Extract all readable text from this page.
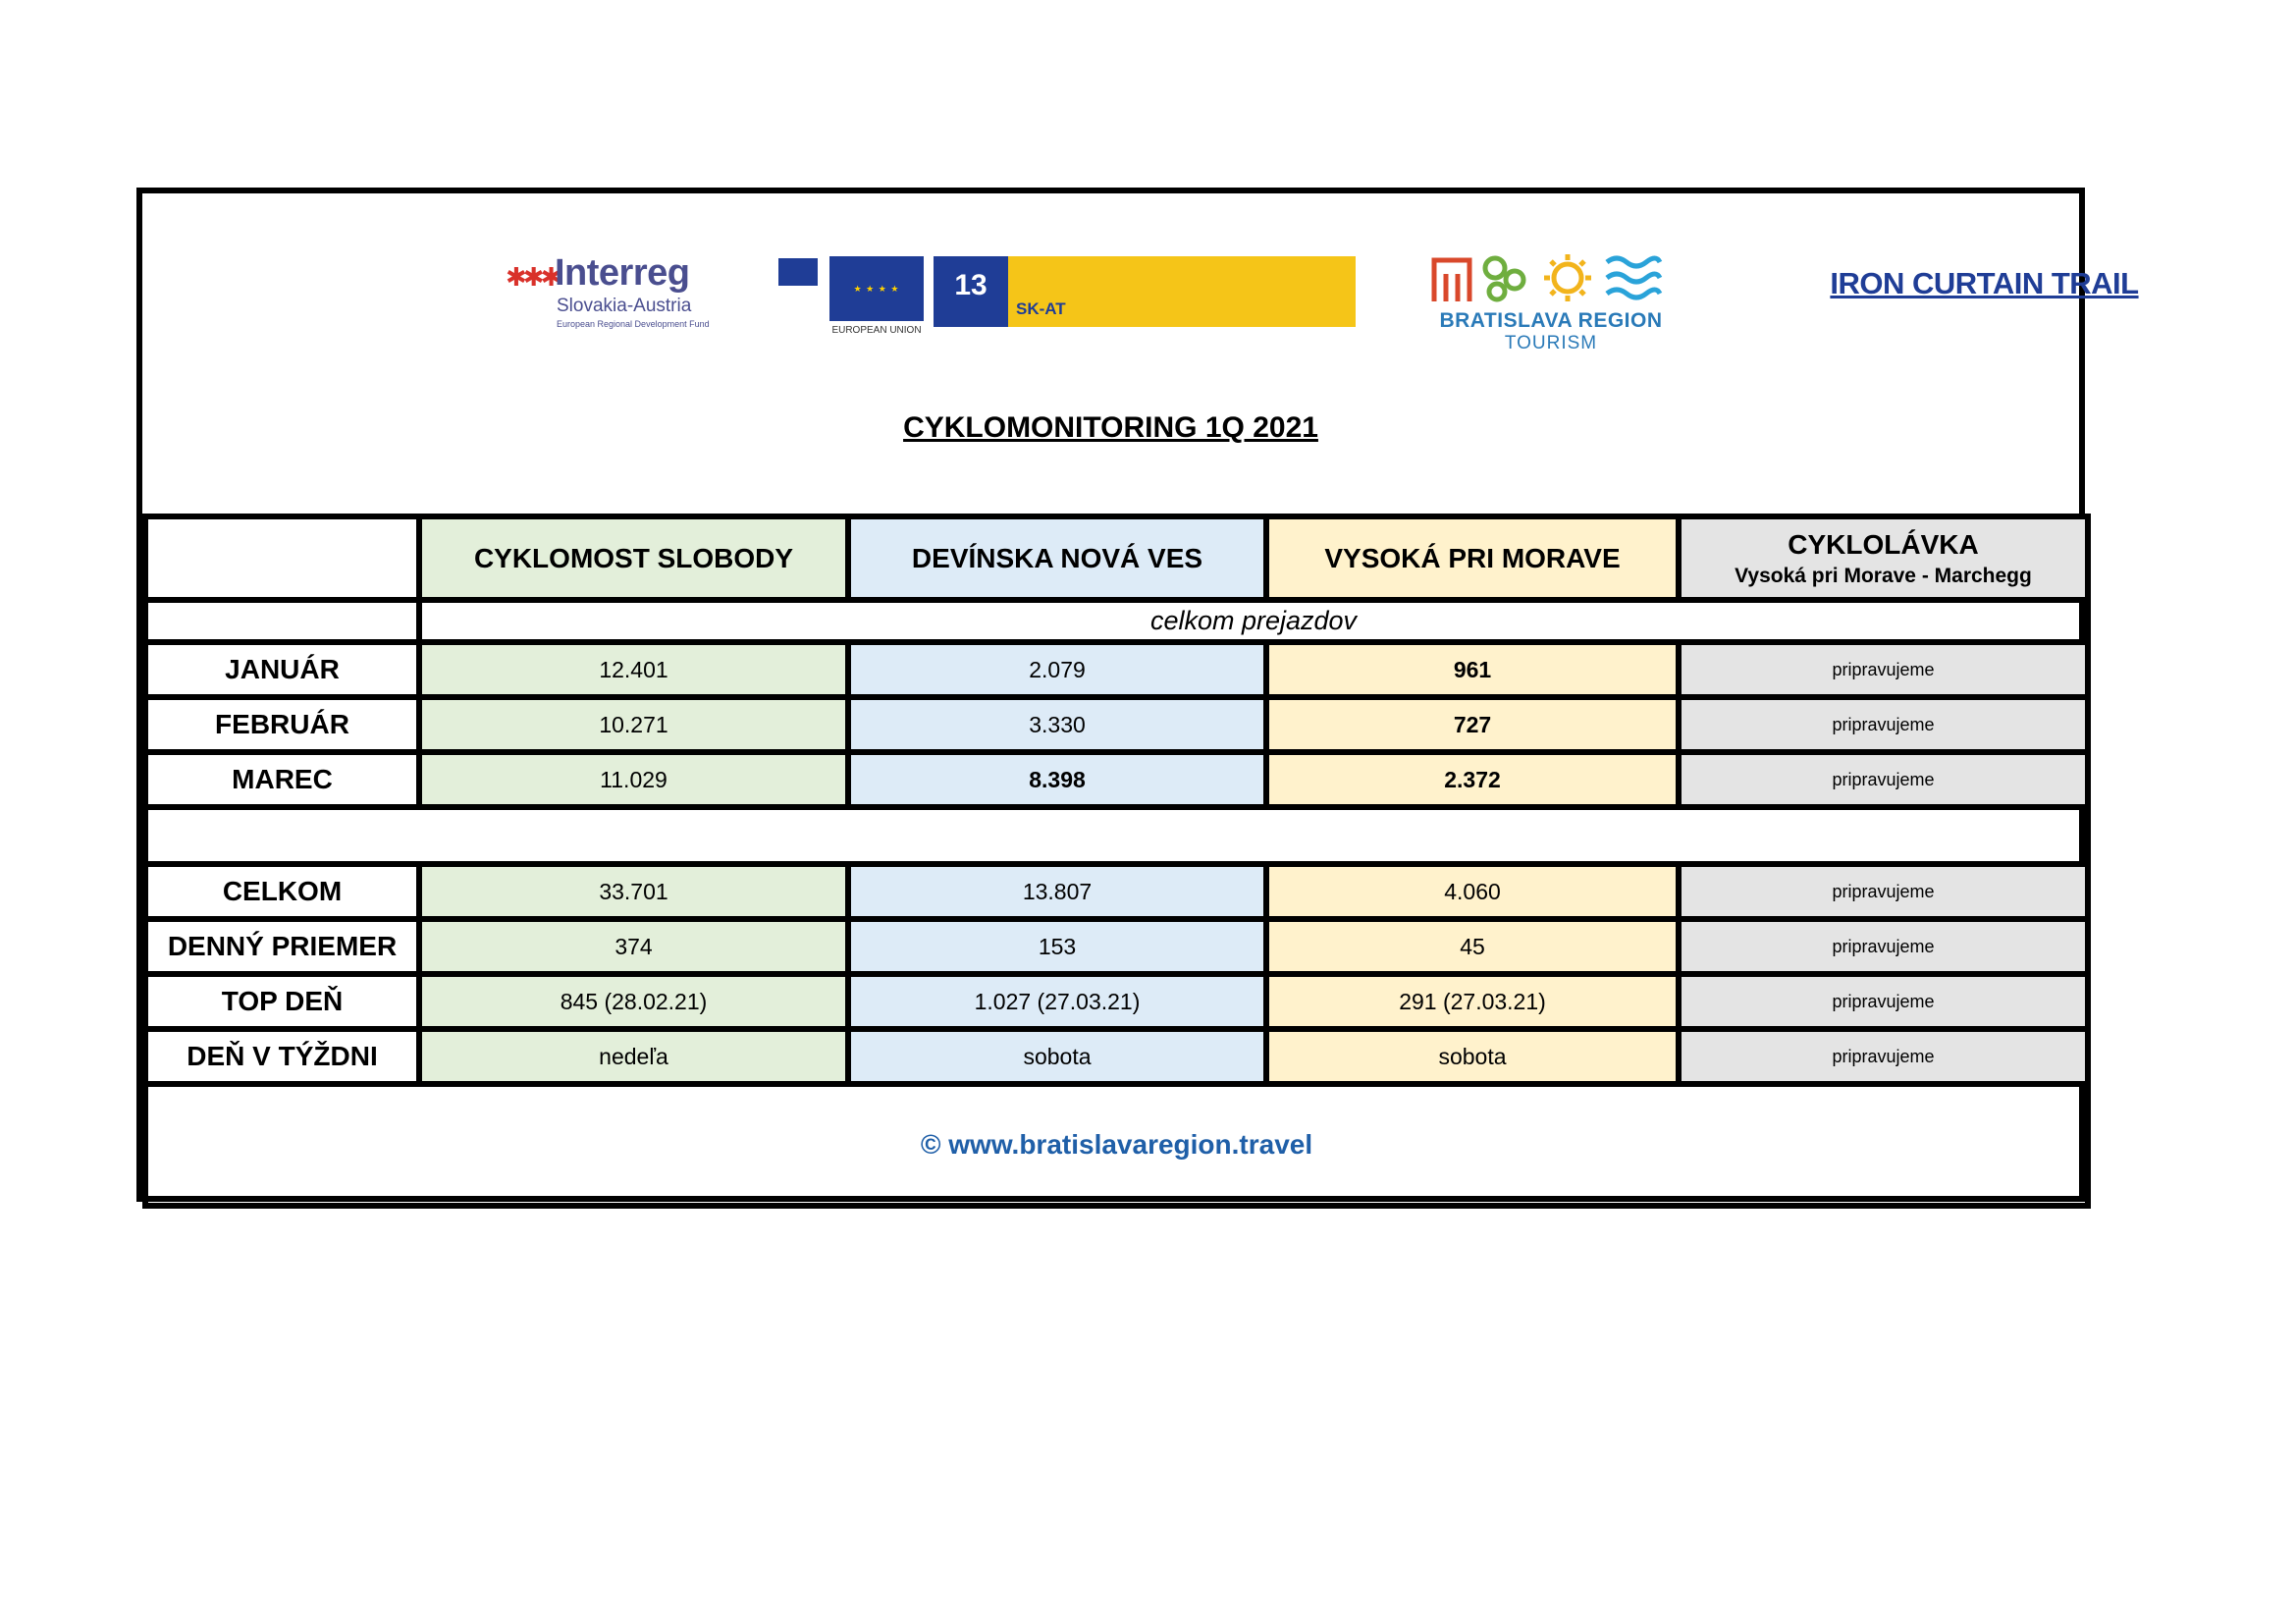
✱✱✱
Interreg
Slovakia-Austria
European Regional Development Fund
★ ★ ★ ★
EUROPEAN UNION
13	IRON CURTAIN TRAIL
SK-AT
BRATISLAVA REGION
TOURISM
CYKLOMONITORING 1Q 2021
	CYKLOMOST SLOBODY	DEVÍNSKA NOVÁ VES	VYSOKÁ PRI MORAVE	CYKLOLÁVKA
Vysoká pri Morave - Marchegg

	celkom prejazdov			
JANUÁR	12.401	2.079	961	pripravujeme
FEBRUÁR	10.271	3.330	727	pripravujeme
MAREC	11.029	8.398	2.372	pripravujeme

CELKOM	33.701	13.807	4.060	pripravujeme
DENNÝ PRIEMER	374	153	45	pripravujeme
TOP DEŇ	845 (28.02.21)	1.027 (27.03.21)	291 (27.03.21)	pripravujeme
DEŇ V TÝŽDNI	nedeľa	sobota	sobota	pripravujeme
© www.bratislavaregion.travel				
